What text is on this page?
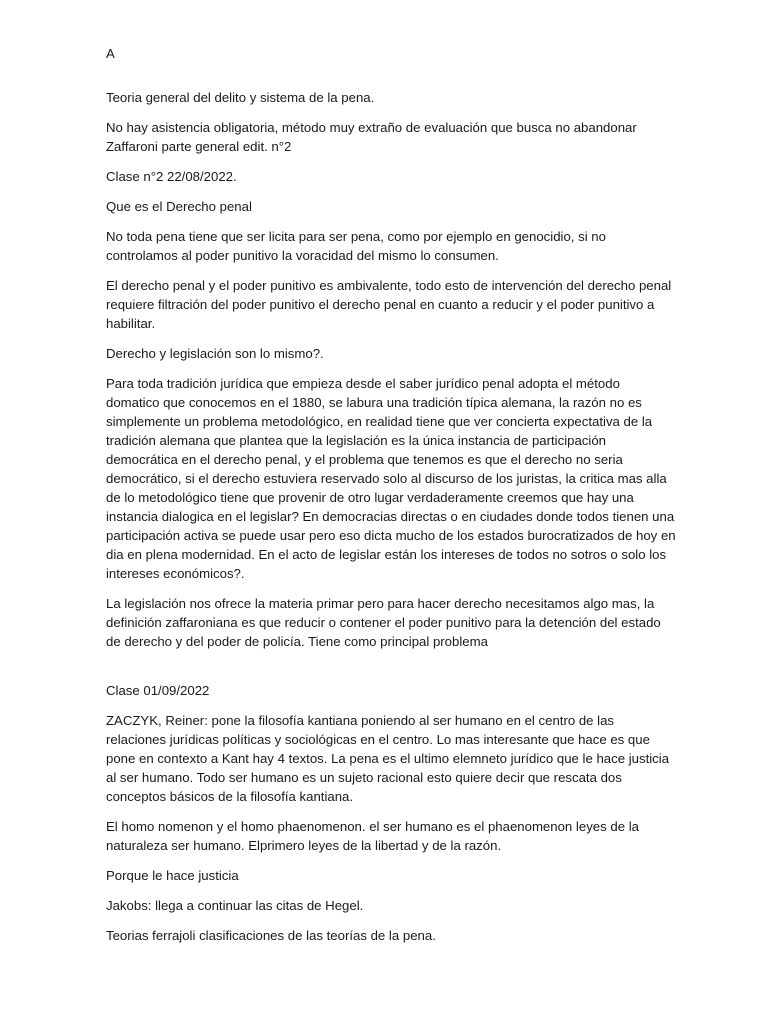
A

Teoria general del delito y sistema de la pena.

No hay asistencia obligatoria, método muy extraño de evaluación que busca no abandonar Zaffaroni parte general edit. n°2

Clase n°2 22/08/2022.

Que es el Derecho penal

No toda pena tiene que ser licita para ser pena, como por ejemplo en genocidio, si no controlamos al poder punitivo la voracidad del mismo lo consumen.

El derecho penal y el poder punitivo es ambivalente, todo esto de intervención del derecho penal requiere filtración del poder punitivo el derecho penal en cuanto a reducir y el poder punitivo a habilitar.

Derecho y legislación son lo mismo?.

Para toda tradición jurídica que empieza desde el saber jurídico penal adopta el método domatico que conocemos en el 1880, se labura una tradición típica alemana, la razón no es simplemente un problema metodológico, en realidad tiene que ver concierta expectativa de la tradición alemana que plantea que la legislación es la única instancia de participación democrática en el derecho penal, y el problema que tenemos es que el derecho no seria democrático, si el derecho estuviera reservado solo al discurso de los juristas, la critica mas alla de lo metodológico tiene que provenir de otro lugar verdaderamente creemos que hay una instancia dialogica en el legislar? En democracias directas o en ciudades donde todos tienen una participación activa se puede usar pero eso dicta mucho de los estados burocratizados de hoy en dia en plena modernidad. En el acto de legislar están los intereses de todos no sotros o solo los intereses económicos?.

La legislación nos ofrece la materia primar pero para hacer derecho necesitamos algo mas, la definición zaffaroniana es que reducir o contener el poder punitivo para la detención del estado de derecho y del poder de policía. Tiene como principal problema

Clase 01/09/2022

ZACZYK, Reiner: pone la filosofía kantiana poniendo al ser humano en el centro de las relaciones jurídicas políticas y sociológicas en el centro. Lo mas interesante que hace es que pone en contexto a Kant hay 4 textos. La pena es el ultimo elemneto jurídico que le hace justicia al ser humano. Todo ser humano es un sujeto racional esto quiere decir que rescata dos conceptos básicos de la filosofía kantiana.

El homo nomenon y el homo phaenomenon. el ser humano es el phaenomenon leyes de la naturaleza ser humano. Elprimero leyes de la libertad y de la razón.

Porque le hace justicia

Jakobs: llega a continuar las citas de Hegel.

Teorias ferrajoli clasificaciones de las teorías de la pena.
